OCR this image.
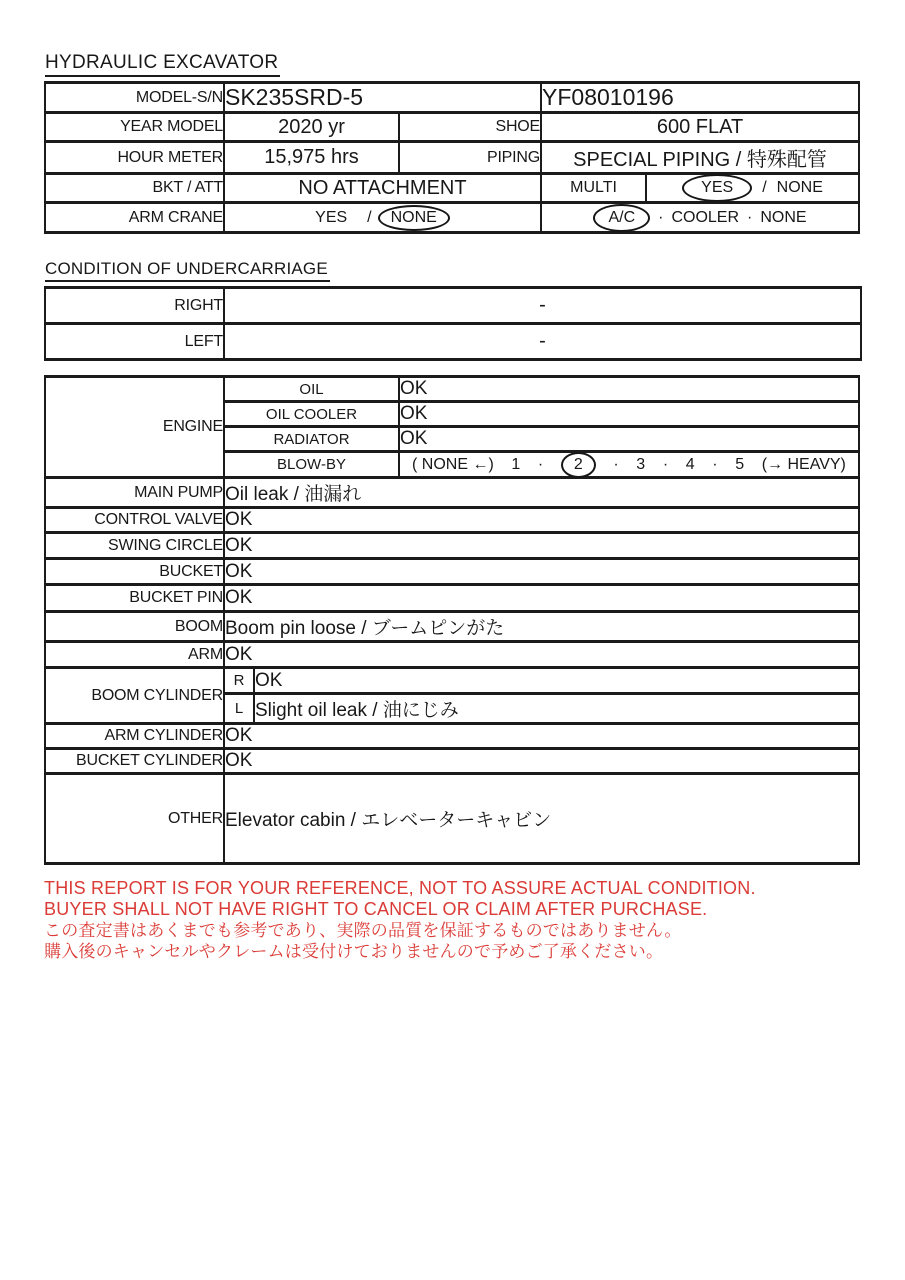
HYDRAULIC EXCAVATOR
MODEL-S/N	SK235SRD-5		YF08010196	
YEAR MODEL	2020 yr	SHOE	600 FLAT	
HOUR METER	15,975 hrs	PIPING	SPECIAL PIPING / 特殊配管	
BKT / ATT	NO ATTACHMENT		MULTI	YES / NONE
ARM CRANE	YES / NONE		A/C · COOLER · NONE	
CONDITION OF UNDERCARRIAGE
RIGHT	-
LEFT	-
ENGINE	OIL		OK
	OIL COOLER		OK
	RADIATOR		OK
BLOW-BY	( NONE ←) 1 ·	2	· 3 · 4 · 5 (→ HEAVY)

MAIN PUMP	Oil leak / 油漏れ		
CONTROL VALVE	OK		
SWING CIRCLE	OK		
BUCKET	OK		
BUCKET PIN	OK		
BOOM	Boom pin loose / ブームピンがた		
ARM	OK		
BOOM CYLINDER	R	OK	
	L	Slight oil leak / 油にじみ	
ARM CYLINDER	OK		
BUCKET CYLINDER	OK		
OTHER	Elevator cabin / エレベーターキャビン		
THIS REPORT IS FOR YOUR REFERENCE, NOT TO ASSURE ACTUAL CONDITION.
BUYER SHALL NOT HAVE RIGHT TO CANCEL OR CLAIM AFTER PURCHASE.
この査定書はあくまでも参考であり、実際の品質を保証するものではありません。
購入後のキャンセルやクレームは受付けておりませんので予めご了承ください。
